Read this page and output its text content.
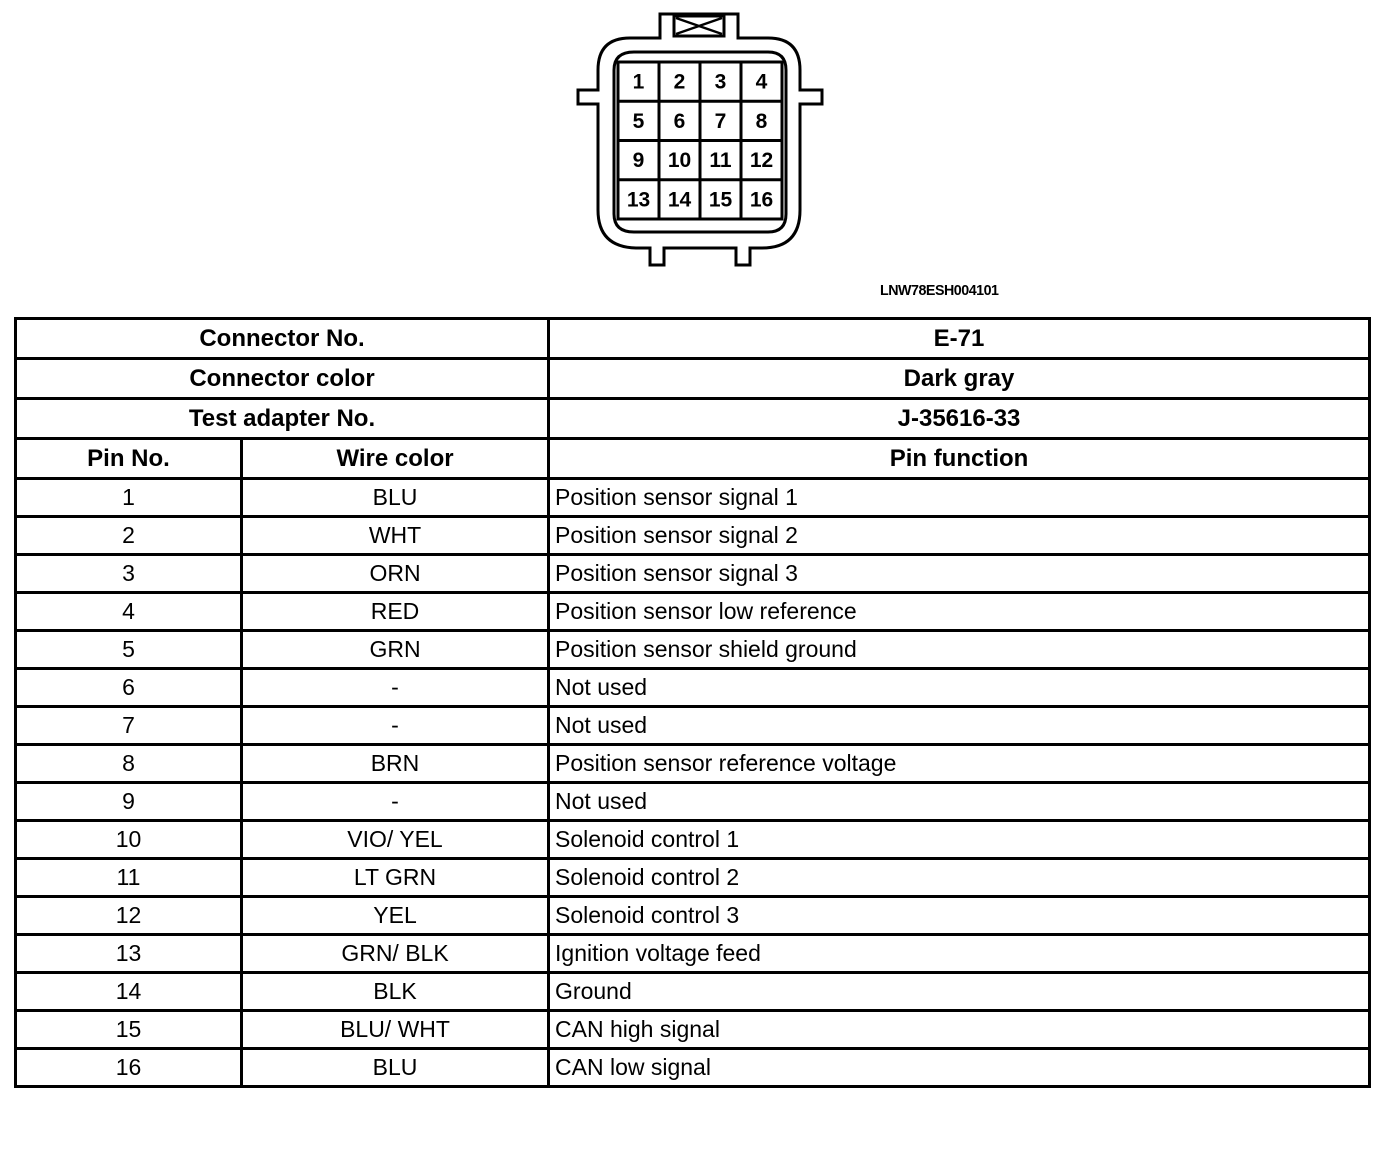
1 2 3 4
5 6 7 8
9 10 11 12
13 14 15 16
LNW78ESH004101
Connector No.		E-71
Connector color		Dark gray
Test adapter No.		J-35616-33
Pin No.	Wire color	Pin function
1	BLU	Position sensor signal 1
2	WHT	Position sensor signal 2
3	ORN	Position sensor signal 3
4	RED	Position sensor low reference
5	GRN	Position sensor shield ground
6	-	Not used
7	-	Not used
8	BRN	Position sensor reference voltage
9	-	Not used
10	VIO/ YEL	Solenoid control 1
11	LT GRN	Solenoid control 2
12	YEL	Solenoid control 3
13	GRN/ BLK	Ignition voltage feed
14	BLK	Ground
15	BLU/ WHT	CAN high signal
16	BLU	CAN low signal
